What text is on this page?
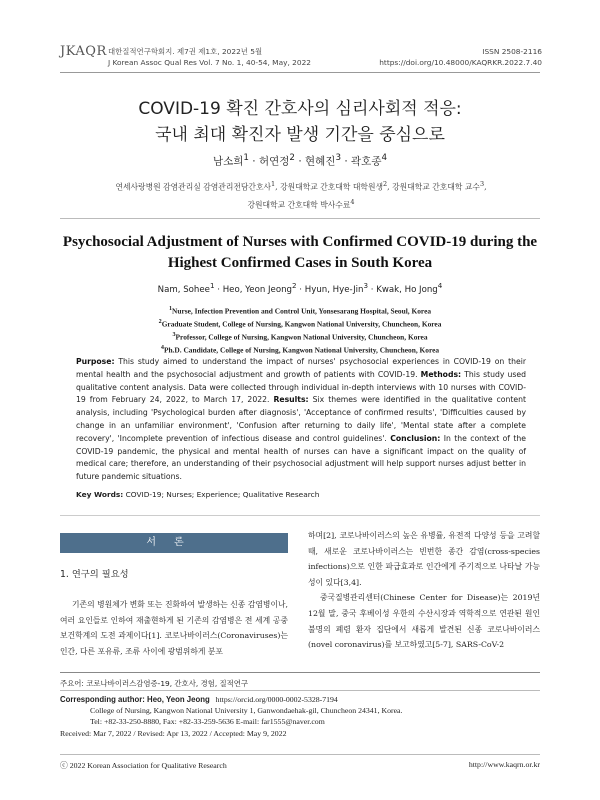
JKAQR 대한질적연구학회지. 제7권 제1호, 2022년 5월
J Korean Assoc Qual Res Vol. 7 No. 1, 40-54, May, 2022
ISSN 2508-2116
https://doi.org/10.48000/KAQRKR.2022.7.40
COVID-19 확진 간호사의 심리사회적 적응:
국내 최대 확진자 발생 기간을 중심으로
남소희$^1$ · 허연정$^2$ · 현혜진$^3$ · 곽호종$^4$
연세사랑병원 감염관리실 감염관리전담간호사$^1$, 강원대학교 간호대학 대학원생$^2$, 강원대학교 간호대학 교수$^3$,
강원대학교 간호대학 박사수료$^4$
Psychosocial Adjustment of Nurses with Confirmed COVID-19 during the
Highest Confirmed Cases in South Korea
Nam, Sohee$^1$ · Heo, Yeon Jeong$^2$ · Hyun, Hye-Jin$^3$ · Kwak, Ho Jong$^4$
$^1$Nurse, Infection Prevention and Control Unit, Yonsesarang Hospital, Seoul, Korea
$^2$Graduate Student, College of Nursing, Kangwon National University, Chuncheon, Korea
$^3$Professor, College of Nursing, Kangwon National University, Chuncheon, Korea
$^4$Ph.D. Candidate, College of Nursing, Kangwon National University, Chuncheon, Korea
Purpose: This study aimed to understand the impact of nurses' psychosocial experiences in COVID-19 on their mental health and the psychosocial adjustment and growth of patients with COVID-19. Methods: This study used qualitative content analysis. Data were collected through individual in-depth interviews with 10 nurses with COVID-19 from February 24, 2022, to March 17, 2022. Results: Six themes were identified in the qualitative content analysis, including 'Psychological burden after diagnosis', 'Acceptance of confirmed results', 'Difficulties caused by change in an unfamiliar environment', 'Confusion after returning to daily life', 'Mental state after a complete recovery', 'Incomplete prevention of infectious disease and control guidelines'. Conclusion: In the context of the COVID-19 pandemic, the physical and mental health of nurses can have a significant impact on the quality of medical care; therefore, an understanding of their psychosocial adjustment will help support nurses adjust better in future pandemic situations.
Key Words: COVID-19; Nurses; Experience; Qualitative Research
서론
1. 연구의 필요성
기존의 병원체가 변화 또는 진화하여 발생하는 신종 감염병이나, 여러 요인들로 인하여 재출현하게 된 기존의 감염병은 전 세계 공중보건학계의 도전 과제이다[1]. 코로나바이러스(Coronaviruses)는 인간, 다른 포유류, 조류 사이에 광범위하게 분포

하며[2], 코로나바이러스의 높은 유병률, 유전적 다양성 등을 고려할 때, 새로운 코로나바이러스는 빈번한 종간 감염(cross-species infections)으로 인한 파급효과로 인간에게 주기적으로 나타날 가능성이 있다[3,4].

중국질병관리센터(Chinese Center for Disease)는 2019년 12월 말, 중국 후베이성 우한의 수산시장과 역학적으로 연관된 원인 불명의 폐렴 환자 집단에서 새롭게 발견된 신종 코로나바이러스(novel coronavirus)를 보고하였고[5-7], SARS-CoV-2

주요어: 코로나바이러스감염증-19, 간호사, 경험, 질적연구
Corresponding author: Heo, Yeon Jeong https://orcid.org/0000-0002-5328-7194
College of Nursing, Kangwon National University 1, Ganwondaehak-gil, Chuncheon 24341, Korea.
Tel: +82-33-250-8880, Fax: +82-33-259-5636 E-mail: far1555@naver.com
Received: Mar 7, 2022 / Revised: Apr 13, 2022 / Accepted: May 9, 2022
ⓒ 2022 Korean Association for Qualitative Research	http://www.kaqrn.or.kr
